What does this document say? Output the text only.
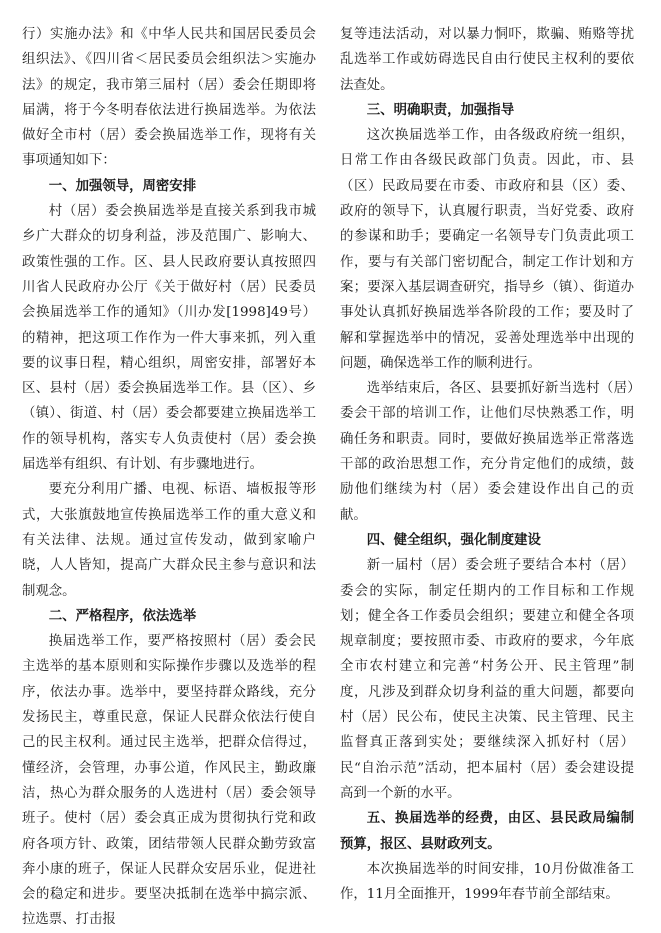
行）实施办法》和《中华人民共和国居民委员会组织法》、《四川省＜居民委员会组织法＞实施办法》的规定，我市第三届村（居）委会任期即将届满，将于今冬明春依法进行换届选举。为依法做好全市村（居）委会换届选举工作，现将有关事项通知如下：

一、加强领导，周密安排

村（居）委会换届选举是直接关系到我市城乡广大群众的切身利益，涉及范围广、影响大、政策性强的工作。区、县人民政府要认真按照四川省人民政府办公厅《关于做好村（居）民委员会换届选举工作的通知》（川办发[1998]49号）的精神，把这项工作作为一件大事来抓，列入重要的议事日程，精心组织，周密安排，部署好本区、县村（居）委会换届选举工作。县（区）、乡（镇）、街道、村（居）委会都要建立换届选举工作的领导机构，落实专人负责使村（居）委会换届选举有组织、有计划、有步骤地进行。

要充分利用广播、电视、标语、墙板报等形式，大张旗鼓地宣传换届选举工作的重大意义和有关法律、法规。通过宣传发动，做到家喻户晓，人人皆知，提高广大群众民主参与意识和法制观念。

二、严格程序，依法选举

换届选举工作，要严格按照村（居）委会民主选举的基本原则和实际操作步骤以及选举的程序，依法办事。选举中，要坚持群众路线，充分发扬民主，尊重民意，保证人民群众依法行使自己的民主权利。通过民主选举，把群众信得过，懂经济，会管理，办事公道，作风民主，勤政廉洁，热心为群众服务的人选进村（居）委会领导班子。使村（居）委会真正成为贯彻执行党和政府各项方针、政策，团结带领人民群众勤劳致富奔小康的班子，保证人民群众安居乐业，促进社会的稳定和进步。要坚决抵制在选举中搞宗派、拉选票、打击报

复等违法活动，对以暴力恫吓，欺骗、贿赂等扰乱选举工作或妨碍选民自由行使民主权利的要依法查处。

三、明确职责，加强指导

这次换届选举工作，由各级政府统一组织，日常工作由各级民政部门负责。因此，市、县（区）民政局要在市委、市政府和县（区）委、政府的领导下，认真履行职责，当好党委、政府的参谋和助手；要确定一名领导专门负责此项工作，要与有关部门密切配合，制定工作计划和方案；要深入基层调查研究，指导乡（镇）、街道办事处认真抓好换届选举各阶段的工作；要及时了解和掌握选举中的情况，妥善处理选举中出现的问题，确保选举工作的顺利进行。

选举结束后，各区、县要抓好新当选村（居）委会干部的培训工作，让他们尽快熟悉工作，明确任务和职责。同时，要做好换届选举正常落选干部的政治思想工作，充分肯定他们的成绩，鼓励他们继续为村（居）委会建设作出自己的贡献。

四、健全组织，强化制度建设

新一届村（居）委会班子要结合本村（居）委会的实际，制定任期内的工作目标和工作规划；健全各工作委员会组织；要建立和健全各项规章制度；要按照市委、市政府的要求，今年底全市农村建立和完善“村务公开、民主管理”制度，凡涉及到群众切身利益的重大问题，都要向村（居）民公布，使民主决策、民主管理、民主监督真正落到实处；要继续深入抓好村（居）民“自治示范”活动，把本届村（居）委会建设提高到一个新的水平。

五、换届选举的经费，由区、县民政局编制预算，报区、县财政列支。

本次换届选举的时间安排，10月份做准备工作，11月全面推开，1999年春节前全部结束。
